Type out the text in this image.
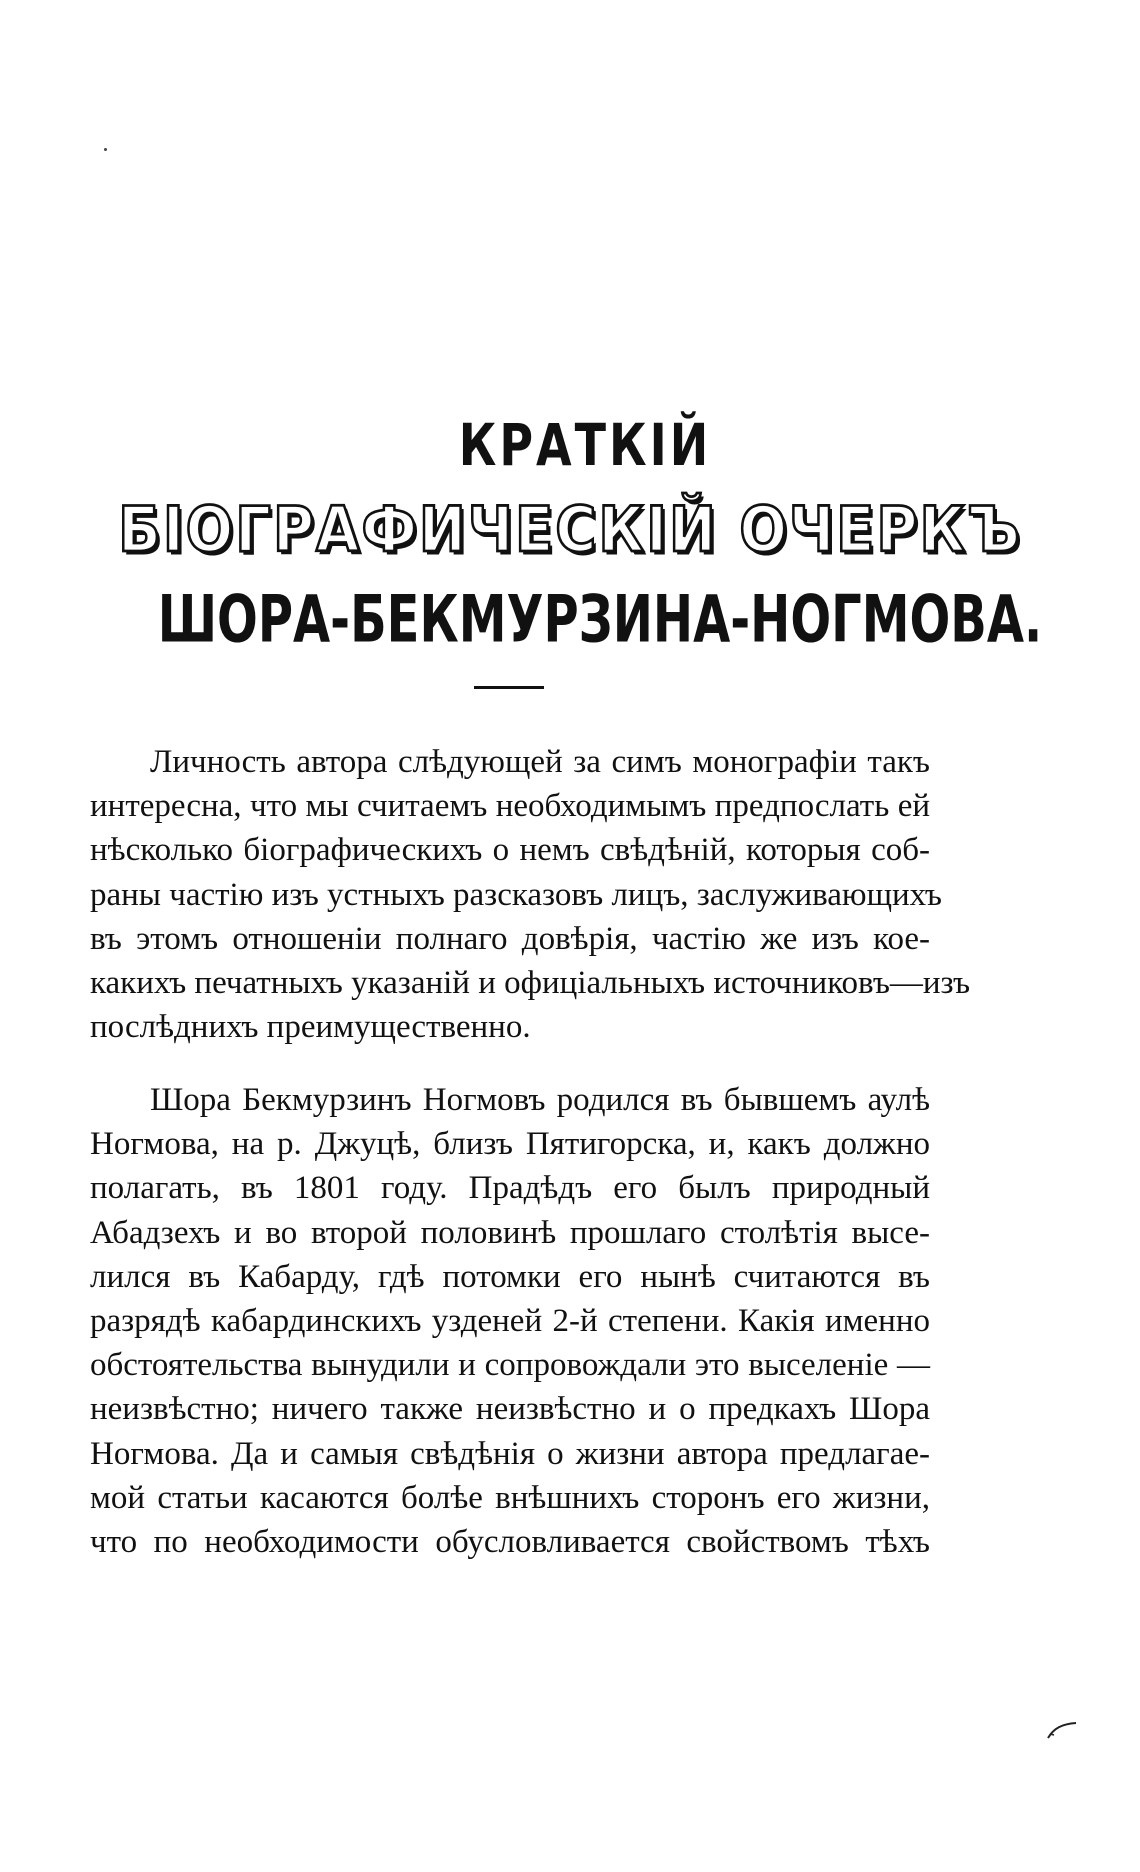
КРАТКІЙ
БІОГРАФИЧЕСКІЙ ОЧЕРКЪ
ШОРА-БЕКМУРЗИНА-НОГМОВА.
Личность автора слѣдующей за симъ монографіи такъ
интересна, что мы считаемъ необходимымъ предпослать ей
нѣсколько біографическихъ о немъ свѣдѣній, которыя соб-
раны частію изъ устныхъ разсказовъ лицъ, заслуживающихъ
въ этомъ отношеніи полнаго довѣрія, частію же изъ кое-
какихъ печатныхъ указаній и офиціальныхъ источниковъ—изъ
послѣднихъ преимущественно.
Шора Бекмурзинъ Ногмовъ родился въ бывшемъ аулѣ
Ногмова, на р. Джуцѣ, близъ Пятигорска, и, какъ должно
полагать, въ 1801 году. Прадѣдъ его былъ природный
Абадзехъ и во второй половинѣ прошлаго столѣтія высе-
лился въ Кабарду, гдѣ потомки его нынѣ считаются въ
разрядѣ кабардинскихъ узденей 2-й степени. Какія именно
обстоятельства вынудили и сопровождали это выселеніе —
неизвѣстно; ничего также неизвѣстно и о предкахъ Шора
Ногмова. Да и самыя свѣдѣнія о жизни автора предлагае-
мой статьи касаются болѣе внѣшнихъ сторонъ его жизни,
что по необходимости обусловливается свойствомъ тѣхъ
